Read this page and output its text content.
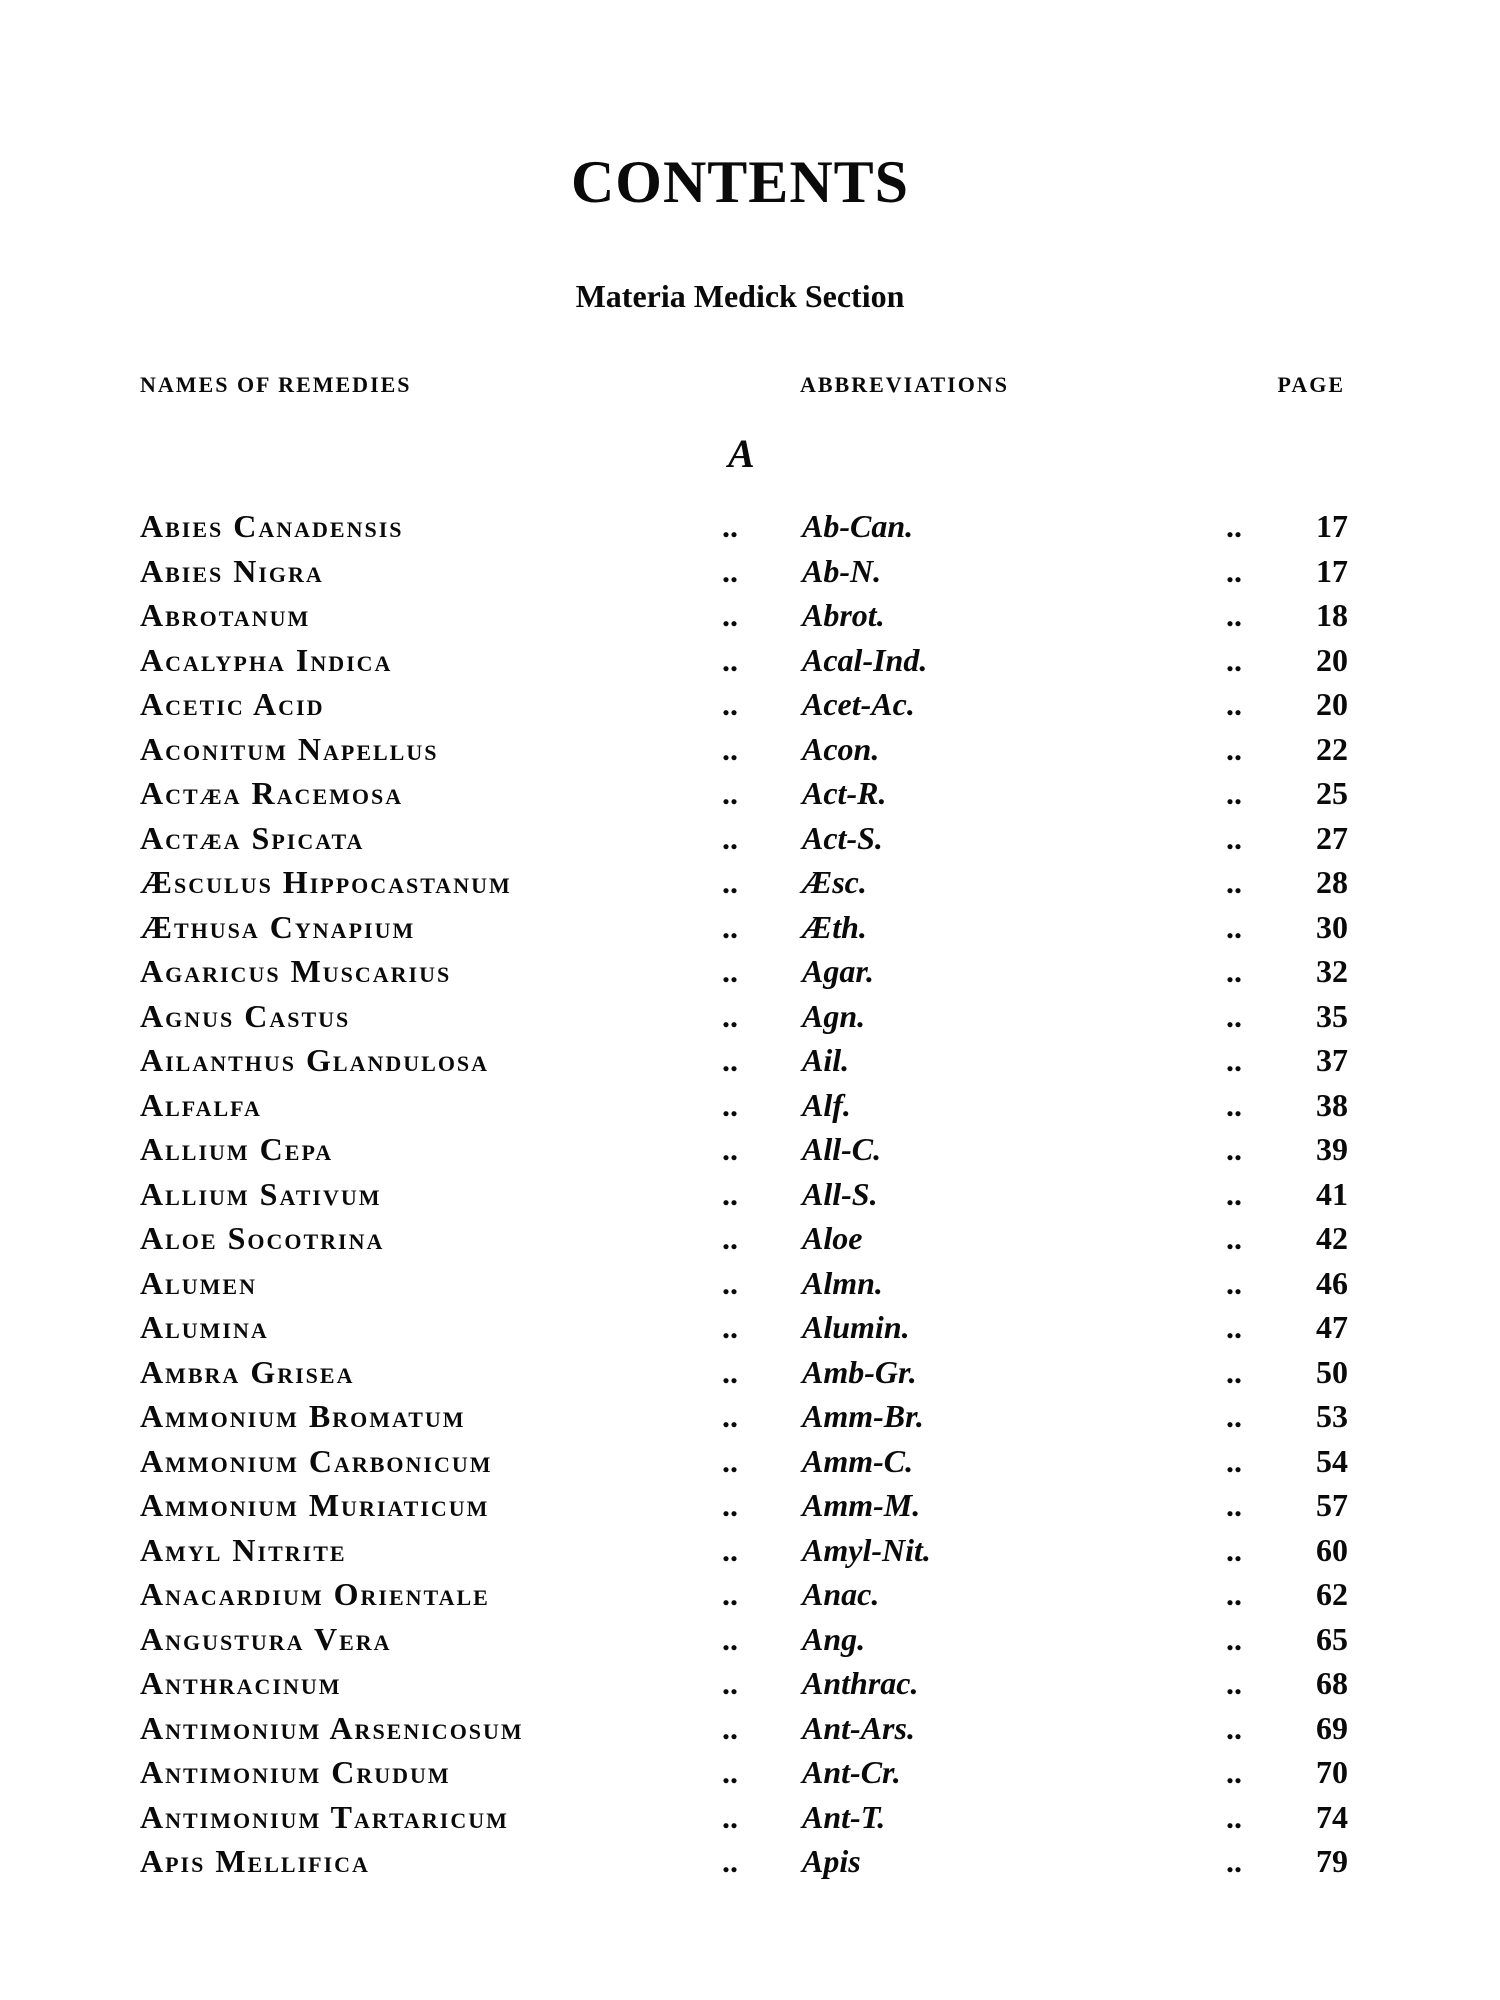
CONTENTS
Materia Medick Section
NAMES OF REMEDIES	ABBREVIATIONS	PAGE
A
Abies Canadensis	.. Ab-Can.	..	17
Abies Nigra	.. Ab-N.	..	17
Abrotanum	.. Abrot.	..	18
Acalypha Indica	.. Acal-Ind.	..	20
Acetic Acid	.. Acet-Ac.	..	20
Aconitum Napellus	.. Acon.	..	22
Actæa Racemosa	.. Act-R.	..	25
Actæa Spicata	.. Act-S.	..	27
Æsculus Hippocastanum	.. Æsc.	..	28
Æthusa Cynapium	.. Æth.	..	30
Agaricus Muscarius	.. Agar.	..	32
Agnus Castus	.. Agn.	..	35
Ailanthus Glandulosa	.. Ail.	..	37
Alfalfa	.. Alf.	..	38
Allium Cepa	.. All-C.	..	39
Allium Sativum	.. All-S.	..	41
Aloe Socotrina	.. Aloe	..	42
Alumen	.. Almn.	..	46
Alumina	.. Alumin.	..	47
Ambra Grisea	.. Amb-Gr.	..	50
Ammonium Bromatum	.. Amm-Br.	..	53
Ammonium Carbonicum	.. Amm-C.	..	54
Ammonium Muriaticum	.. Amm-M.	..	57
Amyl Nitrite	.. Amyl-Nit.	..	60
Anacardium Orientale	.. Anac.	..	62
Angustura Vera	.. Ang.	..	65
Anthracinum	.. Anthrac.	..	68
Antimonium Arsenicosum	.. Ant-Ars.	..	69
Antimonium Crudum	.. Ant-Cr.	..	70
Antimonium Tartaricum	.. Ant-T.	..	74
Apis Mellifica	.. Apis	..	79
